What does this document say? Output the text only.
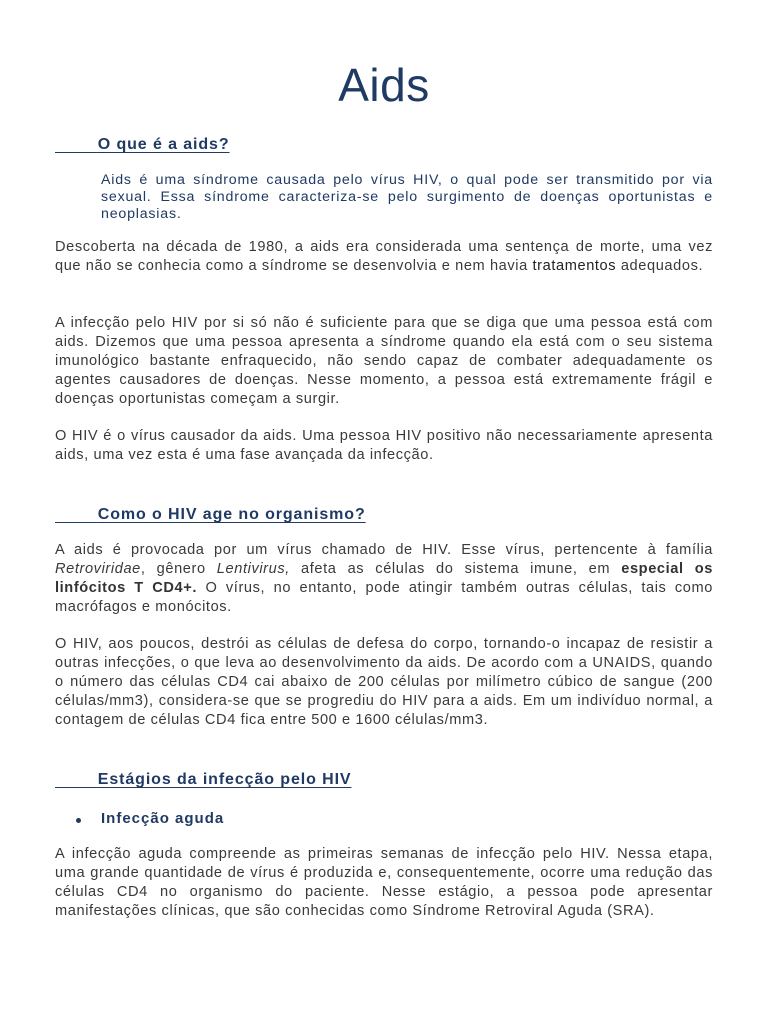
Aids
O que é a aids?

Aids é uma síndrome causada pelo vírus HIV, o qual pode ser transmitido por via sexual. Essa síndrome caracteriza-se pelo surgimento de doenças oportunistas e neoplasias.

Descoberta na década de 1980, a aids era considerada uma sentença de morte, uma vez que não se conhecia como a síndrome se desenvolvia e nem havia tratamentos adequados.

A infecção pelo HIV por si só não é suficiente para que se diga que uma pessoa está com aids. Dizemos que uma pessoa apresenta a síndrome quando ela está com o seu sistema imunológico bastante enfraquecido, não sendo capaz de combater adequadamente os agentes causadores de doenças. Nesse momento, a pessoa está extremamente frágil e doenças oportunistas começam a surgir.

O HIV é o vírus causador da aids. Uma pessoa HIV positivo não necessariamente apresenta aids, uma vez esta é uma fase avançada da infecção.

Como o HIV age no organismo?

A aids é provocada por um vírus chamado de HIV. Esse vírus, pertencente à família Retroviridae, gênero Lentivirus, afeta as células do sistema imune, em especial os linfócitos T CD4+. O vírus, no entanto, pode atingir também outras células, tais como macrófagos e monócitos.

O HIV, aos poucos, destrói as células de defesa do corpo, tornando-o incapaz de resistir a outras infecções, o que leva ao desenvolvimento da aids. De acordo com a UNAIDS, quando o número das células CD4 cai abaixo de 200 células por milímetro cúbico de sangue (200 células/mm3), considera-se que se progrediu do HIV para a aids. Em um indivíduo normal, a contagem de células CD4 fica entre 500 e 1600 células/mm3.

Estágios da infecção pelo HIV
Infecção aguda

A infecção aguda compreende as primeiras semanas de infecção pelo HIV. Nessa etapa, uma grande quantidade de vírus é produzida e, consequentemente, ocorre uma redução das células CD4 no organismo do paciente. Nesse estágio, a pessoa pode apresentar manifestações clínicas, que são conhecidas como Síndrome Retroviral Aguda (SRA).
